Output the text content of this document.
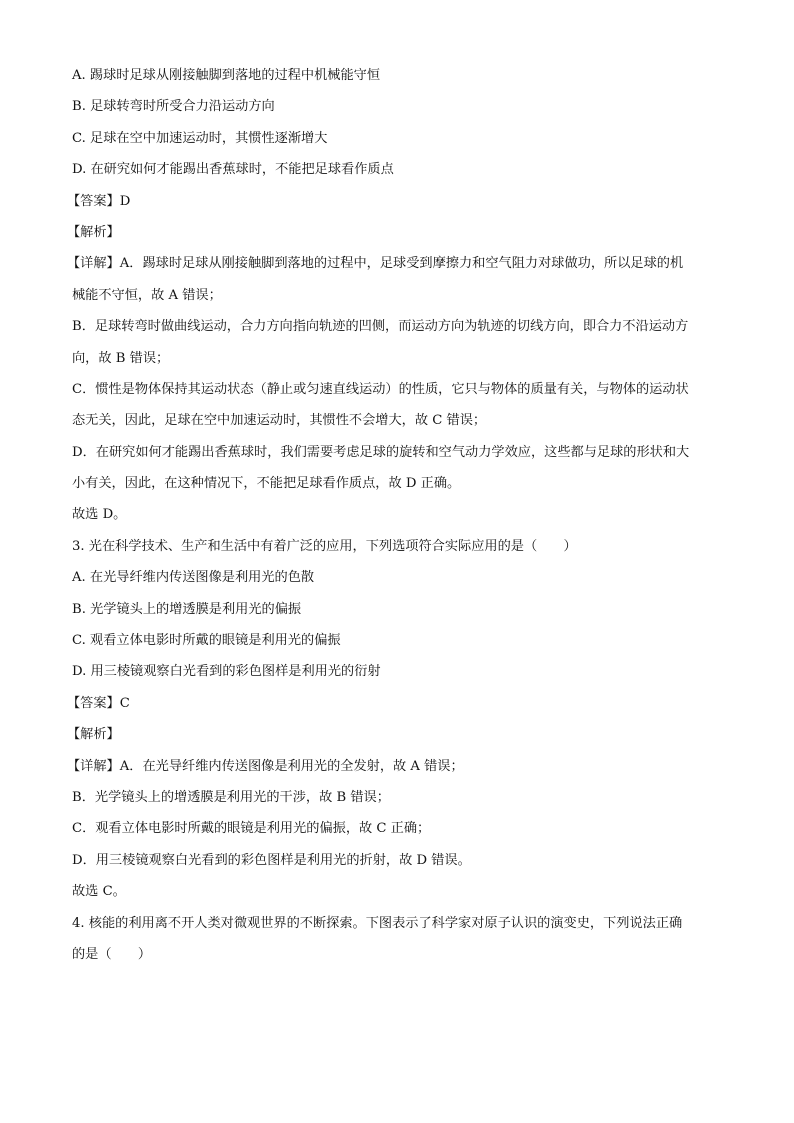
A. 踢球时足球从刚接触脚到落地的过程中机械能守恒

B. 足球转弯时所受合力沿运动方向

C. 足球在空中加速运动时，其惯性逐渐增大

D. 在研究如何才能踢出香蕉球时，不能把足球看作质点

【答案】D

【解析】

【详解】A．踢球时足球从刚接触脚到落地的过程中，足球受到摩擦力和空气阻力对球做功，所以足球的机

械能不守恒，故 A 错误；

B．足球转弯时做曲线运动，合力方向指向轨迹的凹侧，而运动方向为轨迹的切线方向，即合力不沿运动方

向，故 B 错误；

C．惯性是物体保持其运动状态（静止或匀速直线运动）的性质，它只与物体的质量有关，与物体的运动状

态无关，因此，足球在空中加速运动时，其惯性不会增大，故 C 错误；

D．在研究如何才能踢出香蕉球时，我们需要考虑足球的旋转和空气动力学效应，这些都与足球的形状和大

小有关，因此，在这种情况下，不能把足球看作质点，故 D 正确。

故选 D。

3. 光在科学技术、生产和生活中有着广泛的应用，下列选项符合实际应用的是（　　）

A. 在光导纤维内传送图像是利用光的色散

B. 光学镜头上的增透膜是利用光的偏振

C. 观看立体电影时所戴的眼镜是利用光的偏振

D. 用三棱镜观察白光看到的彩色图样是利用光的衍射

【答案】C

【解析】

【详解】A．在光导纤维内传送图像是利用光的全发射，故 A 错误；

B．光学镜头上的增透膜是利用光的干涉，故 B 错误；

C．观看立体电影时所戴的眼镜是利用光的偏振，故 C 正确；

D．用三棱镜观察白光看到的彩色图样是利用光的折射，故 D 错误。

故选 C。

4. 核能的利用离不开人类对微观世界的不断探索。下图表示了科学家对原子认识的演变史，下列说法正确

的是（　　）
